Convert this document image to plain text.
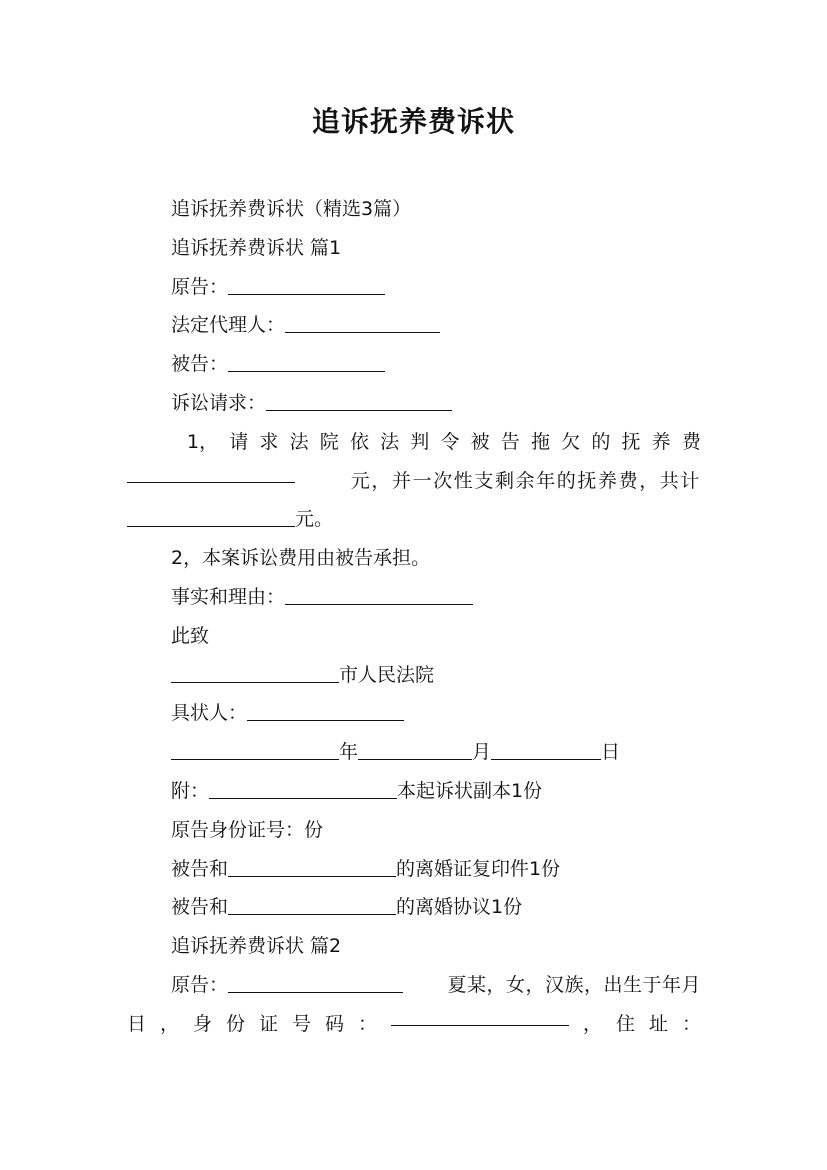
追诉抚养费诉状
追诉抚养费诉状（精选3篇）
追诉抚养费诉状 篇1
原告：
法定代理人：
被告：
诉讼请求：
1， 请 求 法 院 依 法 判 令 被 告 拖 欠 的 抚 养 费
元，并一次性支剩余年的抚养费，共计
元。
2，本案诉讼费用由被告承担。
事实和理由：
此致
市人民法院
具状人：
年	月	日
附：	本起诉状副本1份
原告身份证号：份
被告和	的离婚证复印件1份
被告和	的离婚协议1份
追诉抚养费诉状 篇2
原告：	夏某，女，汉族，出生于年月
日 ， 身 份 证 号 码 ：	， 住 址 ：
